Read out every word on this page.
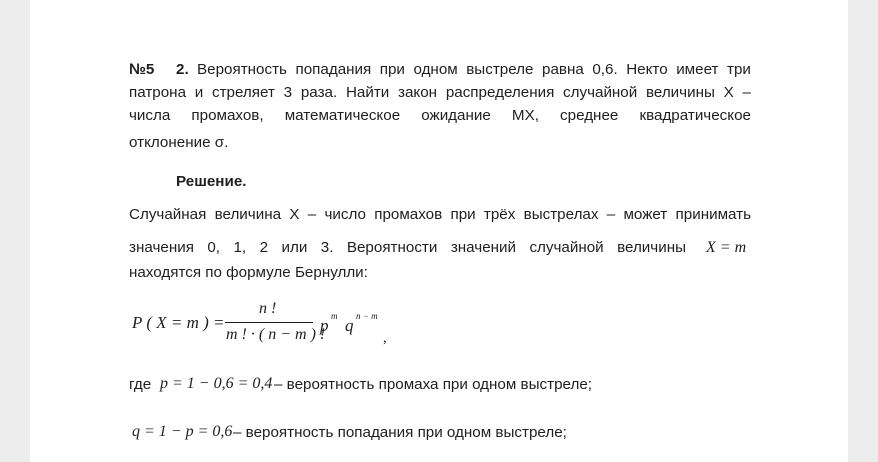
№5 2. Вероятность попадания при одном выстреле равна 0,6. Некто имеет три
патрона и стреляет 3 раза. Найти закон распределения случайной величины Х –
числа промахов, математическое ожидание МХ, среднее квадратическое
отклонение σ.
Решение.
Случайная величина Х – число промахов при трёх выстрелах – может принимать
значения 0, 1, 2 или 3. Вероятности значений случайной величины X = m
находятся по формуле Бернулли:
P ( X = m ) =
n !
m ! · ( n − m ) !
p m q n − m
,
где p = 1 − 0,6 = 0,4 – вероятность промаха при одном выстреле;
q = 1 − p = 0,6 – вероятность попадания при одном выстреле;
